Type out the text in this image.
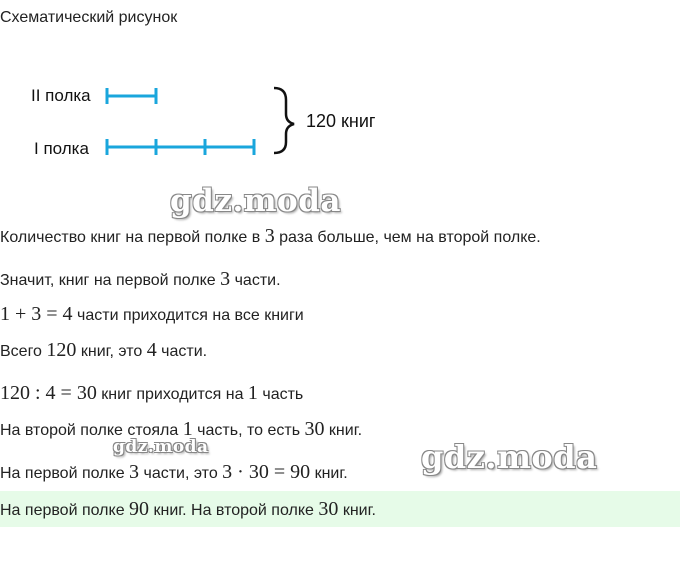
Схематический рисунок
II полка
I полка
120 книг
gdz.moda
Количество книг на первой полке в 3 раза больше, чем на второй полке.
Значит, книг на первой полке 3 части.
1 + 3 = 4 части приходится на все книги
Всего 120 книг, это 4 части.
120 : 4 = 30 книг приходится на 1 часть
На второй полке стояла 1 часть, то есть 30 книг.
gdz.moda
На первой полке 3 части, это 3 · 30 = 90 книг. gdz.moda
На первой полке 90 книг. На второй полке 30 книг.
